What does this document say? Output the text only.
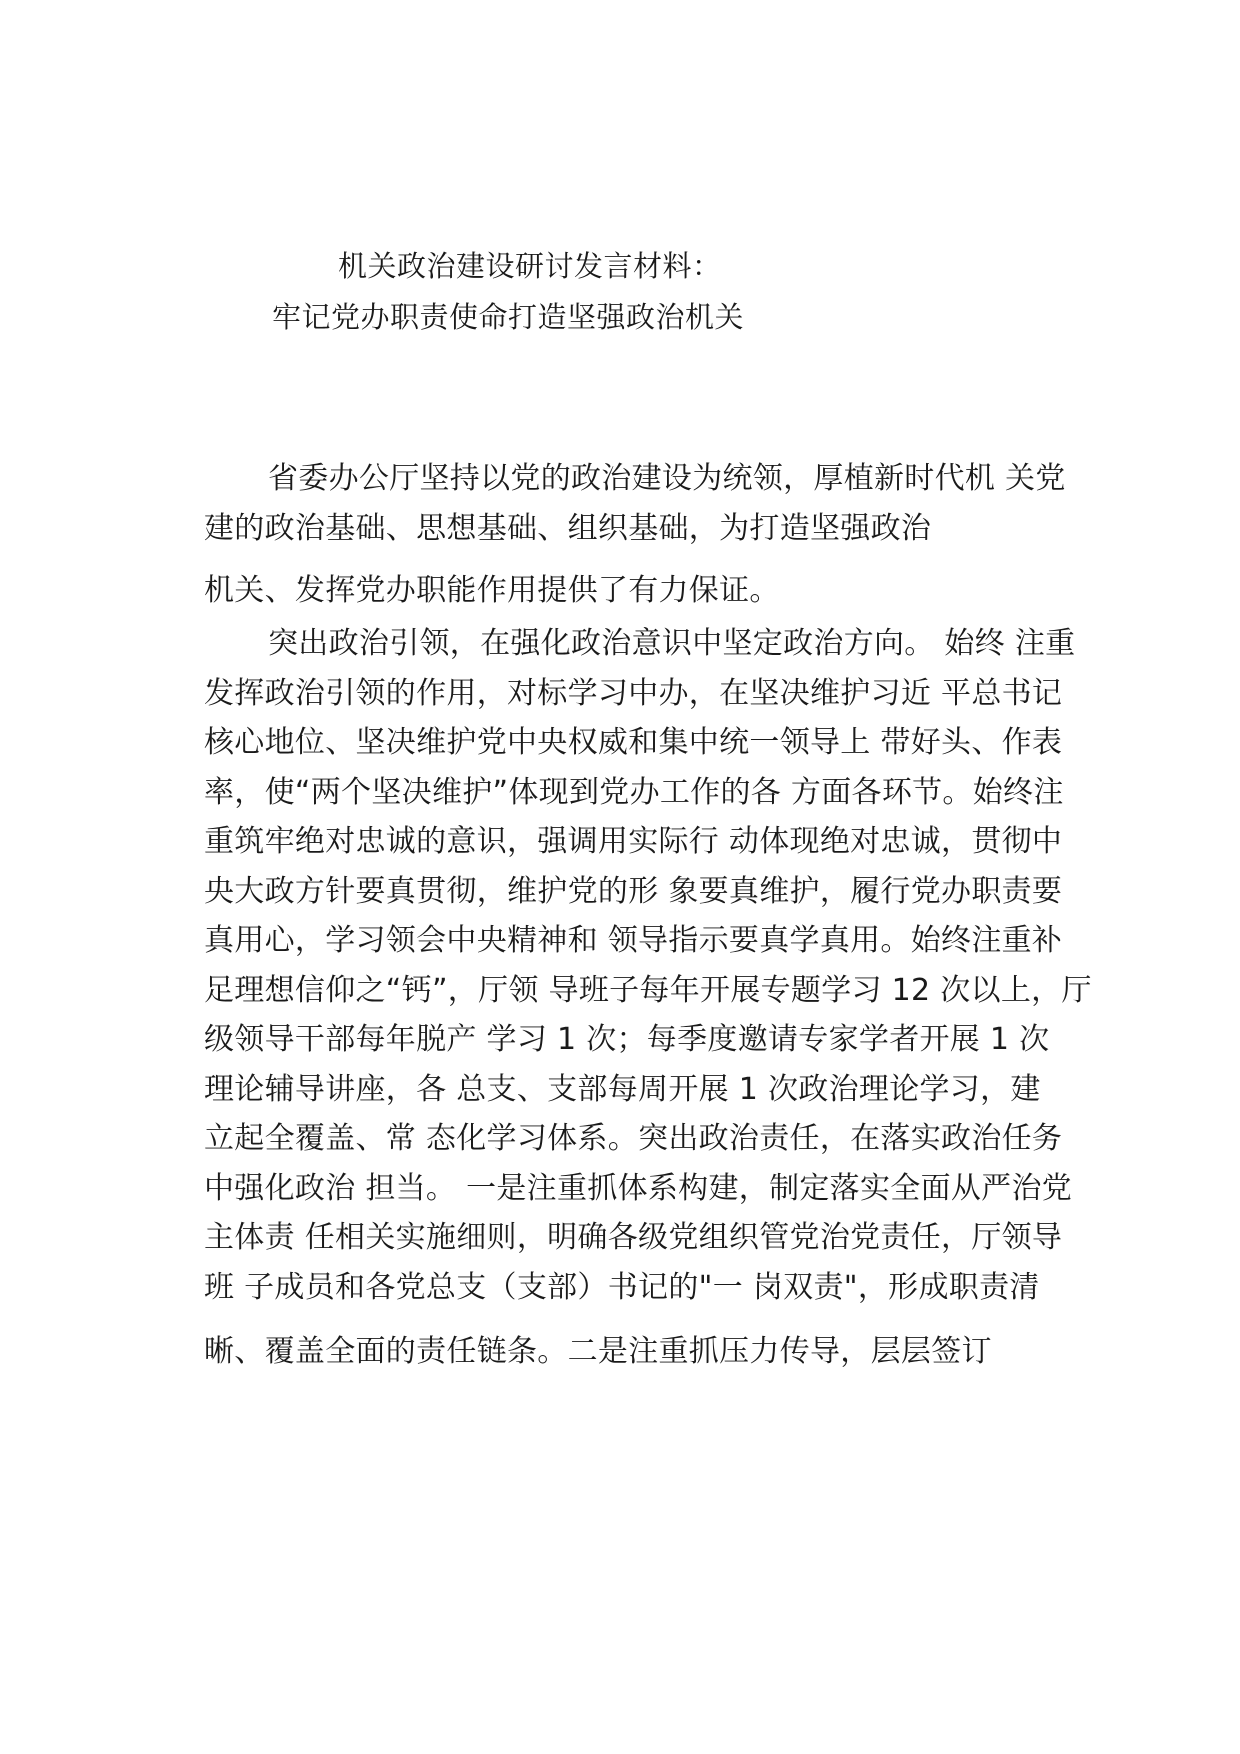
机关政治建设研讨发言材料：
牢记党办职责使命打造坚强政治机关
省委办公厅坚持以党的政治建设为统领，厚植新时代机 关党
建的政治基础、思想基础、组织基础，为打造坚强政治
机关、发挥党办职能作用提供了有力保证。
突出政治引领，在强化政治意识中坚定政治方向。 始终 注重
发挥政治引领的作用，对标学习中办，在坚决维护习近 平总书记
核心地位、坚决维护党中央权威和集中统一领导上 带好头、作表
率，使“两个坚决维护”体现到党办工作的各 方面各环节。始终注
重筑牢绝对忠诚的意识，强调用实际行 动体现绝对忠诚，贯彻中
央大政方针要真贯彻，维护党的形 象要真维护，履行党办职责要
真用心，学习领会中央精神和 领导指示要真学真用。始终注重补
足理想信仰之“钙”，厅领 导班子每年开展专题学习 12 次以上，厅
级领导干部每年脱产 学习 1 次；每季度邀请专家学者开展 1 次
理论辅导讲座，各 总支、支部每周开展 1 次政治理论学习，建
立起全覆盖、常 态化学习体系。突出政治责任，在落实政治任务
中强化政治 担当。 一是注重抓体系构建，制定落实全面从严治党
主体责 任相关实施细则，明确各级党组织管党治党责任，厅领导
班 子成员和各党总支（支部）书记的"一 岗双责"，形成职责清
晰、覆盖全面的责任链条。二是注重抓压力传导，层层签订
